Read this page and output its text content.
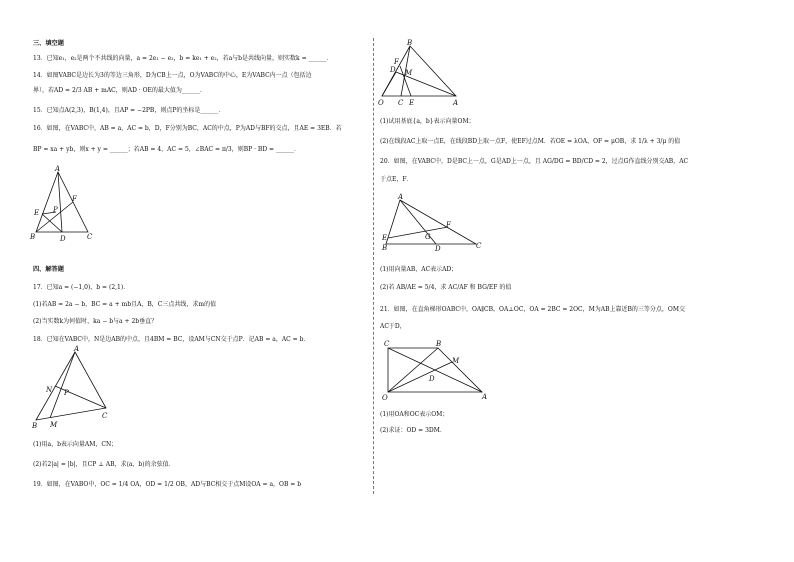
三、填空题
13．已知e₁，e₂是两个不共线的向量，a = 2e₁ − e₂，b = ke₁ + e₂，若a与b是共线向量，则实数k = ______．
14．如图VABC是边长为3的等边三角形，D为CB上一点，O为VABC的中心，E为VABC内一点（包括边
界），若AD = 2/3 AB + mAC，则AD · OE的最大值为______．
15．已知点A(2,3)，B(1,4)，且AP = −2PB，则点P的坐标是______．
16．如图，在VABC中，AB = a，AC = b，D，F分别为BC，AC的中点，P为AD与BF的交点，且AE = 3EB．若
BP = xa + yb，则x + y = ______；若AB = 4，AC = 5，∠BAC = π/3，则BP · BD = ______．
A
B	C
D
E
F
P
四、解答题
17．已知a = (−1,0)，b = (2,1)．
(1)若AB = 2a − b，BC = a + mb且A，B，C三点共线，求m的值
(2)当实数k为何值时，ka − b与a + 2b垂直？
18．已知在VABC中，N是边AB的中点，且4BM = BC，设AM与CN交于点P．记AB = a，AC = b．
A
B
C
N
M
P
(1)用a，b表示向量AM，CN；
(2)若2|a| = |b|，且CP ⊥ AB，求⟨a，b⟩的余弦值．
19．如图，在VABO中，OC = 1/4 OA，OD = 1/2 OB，AD与BC相交于点M设OA = a，OB = b
B
D
F
M
O C E	A
(1)试用基底{a，b}表示向量OM；
(2)在线段AC上取一点E，在线段BD上取一点F，使EF过点M．若OE = λOA，OF = μOB，求 1/λ + 3/μ 的值
20．如图，在VABC中，D是BC上一点，G是AD上一点，且 AG/DG = BD/CD = 2，过点G作直线分别交AB，AC
于点E，F．
A
E
F
G
B	D	C
(1)用向量AB，AC表示AD；
(2)若 AB/AE = 5/4，求 AC/AF 和 BG/EF 的值
21．如图，在直角梯形OABC中，OA∥CB，OA⊥OC，OA = 2BC = 2OC，M为AB上靠近B的三等分点，OM交
AC于D，
C	B
M
D
O	A
(1)用OA和OC表示OM；
(2)求证：OD = 3DM．
